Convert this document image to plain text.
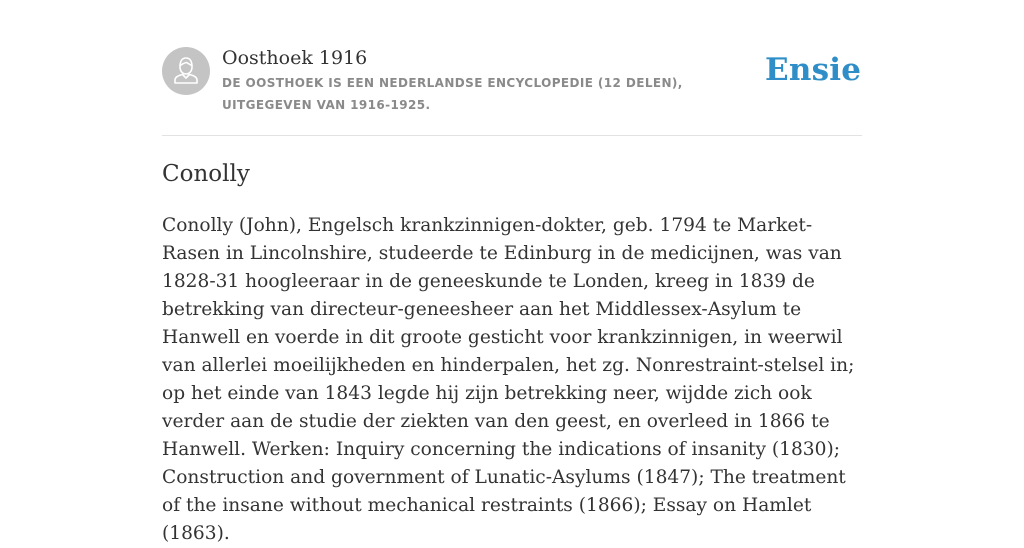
Oosthoek 1916

DE OOSTHOEK IS EEN NEDERLANDSE ENCYCLOPEDIE (12 DELEN), UITGEGEVEN VAN 1916-1925.

Ensie
Conolly

Conolly (John), Engelsch krankzinnigen-dokter, geb. 1794 te Market-Rasen in Lincolnshire, studeerde te Edinburg in de medicijnen, was van 1828-31 hoogleeraar in de geneeskunde te Londen, kreeg in 1839 de betrekking van directeur-geneesheer aan het Middlessex-Asylum te Hanwell en voerde in dit groote gesticht voor krankzinnigen, in weerwil van allerlei moeilijkheden en hinderpalen, het zg. Nonrestraint-stelsel in; op het einde van 1843 legde hij zijn betrekking neer, wijdde zich ook verder aan de studie der ziekten van den geest, en overleed in 1866 te Hanwell. Werken: Inquiry concerning the indications of insanity (1830); Construction and government of Lunatic-Asylums (1847); The treatment of the insane without mechanical restraints (1866); Essay on Hamlet (1863).
